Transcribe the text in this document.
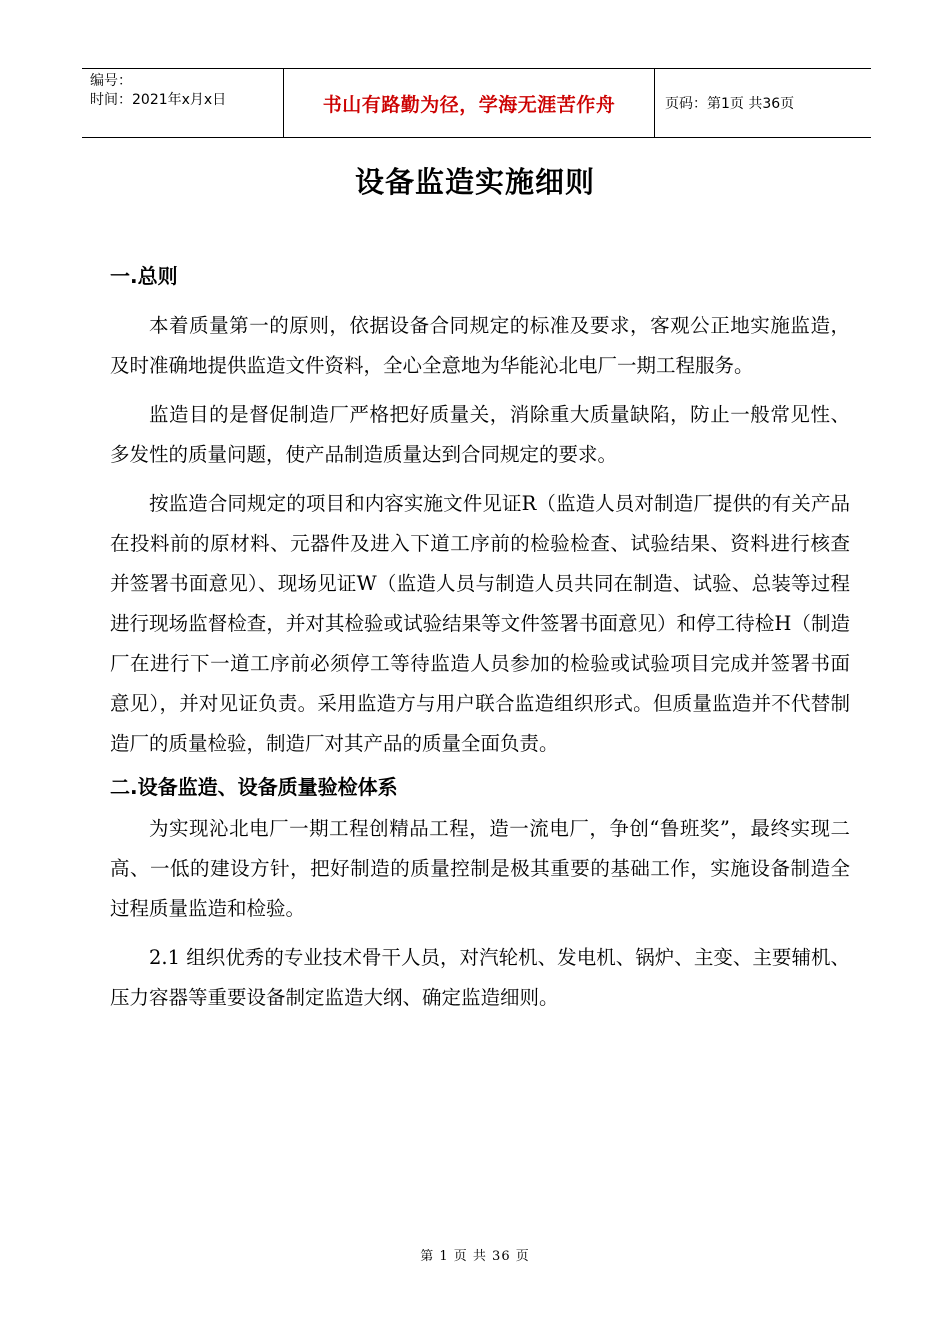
编号：
时间：2021年x月x日	书山有路勤为径，学海无涯苦作舟	页码：第1页 共36页
设备监造实施细则
一.总则

本着质量第一的原则，依据设备合同规定的标准及要求，客观公正地实施监造，及时准确地提供监造文件资料，全心全意地为华能沁北电厂一期工程服务。

监造目的是督促制造厂严格把好质量关，消除重大质量缺陷，防止一般常见性、多发性的质量问题，使产品制造质量达到合同规定的要求。

按监造合同规定的项目和内容实施文件见证R（监造人员对制造厂提供的有关产品在投料前的原材料、元器件及进入下道工序前的检验检查、试验结果、资料进行核查并签署书面意见）、现场见证W（监造人员与制造人员共同在制造、试验、总装等过程进行现场监督检查，并对其检验或试验结果等文件签署书面意见）和停工待检H（制造厂在进行下一道工序前必须停工等待监造人员参加的检验或试验项目完成并签署书面意见），并对见证负责。采用监造方与用户联合监造组织形式。但质量监造并不代替制造厂的质量检验，制造厂对其产品的质量全面负责。

二.设备监造、设备质量验检体系

为实现沁北电厂一期工程创精品工程，造一流电厂，争创“鲁班奖”，最终实现二高、一低的建设方针，把好制造的质量控制是极其重要的基础工作，实施设备制造全过程质量监造和检验。

2.1 组织优秀的专业技术骨干人员，对汽轮机、发电机、锅炉、主变、主要辅机、压力容器等重要设备制定监造大纲、确定监造细则。

第 1 页 共 36 页
